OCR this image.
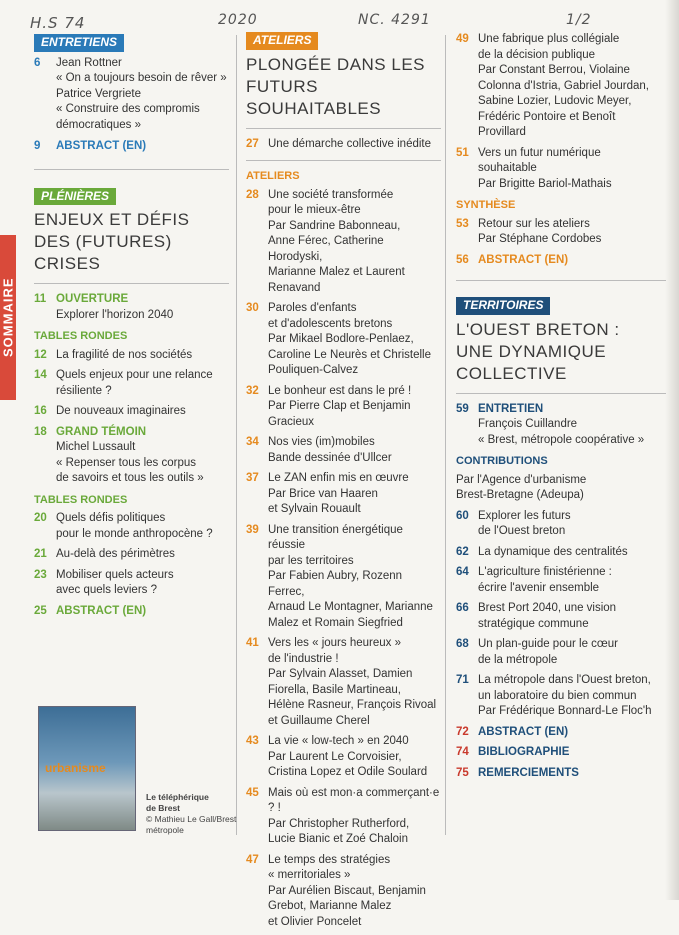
H.S 74	2020	NC. 4291	1/2
SOMMAIRE
ENTRETIENS
6	Jean Rottner
« On a toujours besoin de rêver »
Patrice Vergriete
« Construire des compromis
démocratiques »
9	ABSTRACT (EN)
PLÉNIÈRES
ENJEUX ET DÉFIS
DES (FUTURES) CRISES
11 OUVERTURE
Explorer l'horizon 2040
TABLES RONDES
12 La fragilité de nos sociétés
14 Quels enjeux pour une relance
résiliente ?
16 De nouveaux imaginaires
18 GRAND TÉMOIN
Michel Lussault
« Repenser tous les corpus
de savoirs et tous les outils »
TABLES RONDES
20 Quels défis politiques
pour le monde anthropocène ?
21 Au-delà des périmètres
23 Mobiliser quels acteurs
avec quels leviers ?
25 ABSTRACT (EN)
urbanisme
Le téléphérique
de Brest
© Mathieu Le Gall/Brest
métropole
ATELIERS
PLONGÉE DANS LES
FUTURS SOUHAITABLES
27 Une démarche collective inédite
ATELIERS
28 Une société transformée
pour le mieux-être
Par Sandrine Babonneau,
Anne Férec, Catherine Horodyski,
Marianne Malez et Laurent
Renavand
30 Paroles d'enfants
et d'adolescents bretons
Par Mikael Bodlore-Penlaez,
Caroline Le Neurès et Christelle
Pouliquen-Calvez
32 Le bonheur est dans le pré !
Par Pierre Clap et Benjamin Gracieux
34 Nos vies (im)mobiles
Bande dessinée d'Ullcer
37 Le ZAN enfin mis en œuvre
Par Brice van Haaren
et Sylvain Rouault
39 Une transition énergétique réussie
par les territoires
Par Fabien Aubry, Rozenn Ferrec,
Arnaud Le Montagner, Marianne
Malez et Romain Siegfried
41 Vers les « jours heureux »
de l'industrie !
Par Sylvain Alasset, Damien
Fiorella, Basile Martineau,
Hélène Rasneur, François Rivoal
et Guillaume Cherel
43 La vie « low-tech » en 2040
Par Laurent Le Corvoisier,
Cristina Lopez et Odile Soulard
45 Mais où est mon·a commerçant·e ? !
Par Christopher Rutherford,
Lucie Bianic et Zoé Chaloin
47 Le temps des stratégies
« merritoriales »
Par Aurélien Biscaut, Benjamin
Grebot, Marianne Malez
et Olivier Poncelet
49 Une fabrique plus collégiale
de la décision publique
Par Constant Berrou, Violaine
Colonna d'Istria, Gabriel Jourdan,
Sabine Lozier, Ludovic Meyer,
Frédéric Pontoire et Benoît
Provillard
51 Vers un futur numérique
souhaitable
Par Brigitte Bariol-Mathais
SYNTHÈSE
53 Retour sur les ateliers
Par Stéphane Cordobes
56 ABSTRACT (EN)
TERRITOIRES
L'OUEST BRETON :
UNE DYNAMIQUE
COLLECTIVE
59 ENTRETIEN
François Cuillandre
« Brest, métropole coopérative »
CONTRIBUTIONS
Par l'Agence d'urbanisme
Brest-Bretagne (Adeupa)
60 Explorer les futurs
de l'Ouest breton
62 La dynamique des centralités
64 L'agriculture finistérienne :
écrire l'avenir ensemble
66 Brest Port 2040, une vision
stratégique commune
68 Un plan-guide pour le cœur
de la métropole
71 La métropole dans l'Ouest breton,
un laboratoire du bien commun
Par Frédérique Bonnard-Le Floc'h
72 ABSTRACT (EN)
74 BIBLIOGRAPHIE
75 REMERCIEMENTS
